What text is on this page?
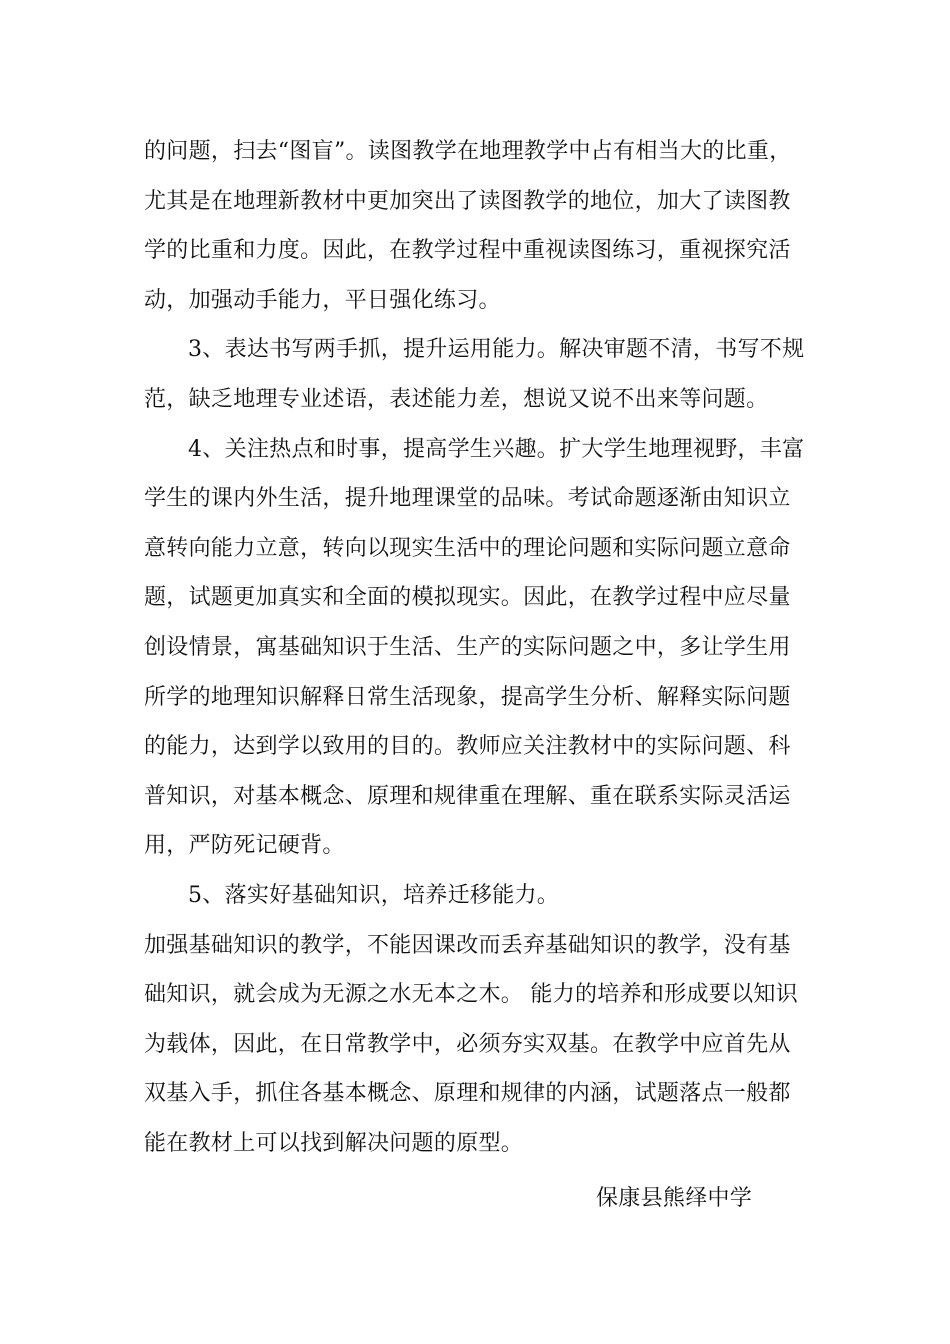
的问题，扫去“图盲”。读图教学在地理教学中占有相当大的比重，
尤其是在地理新教材中更加突出了读图教学的地位，加大了读图教
学的比重和力度。因此，在教学过程中重视读图练习，重视探究活
动，加强动手能力，平日强化练习。
3、表达书写两手抓，提升运用能力。解决审题不清，书写不规
范，缺乏地理专业述语，表述能力差，想说又说不出来等问题。
4、关注热点和时事，提高学生兴趣。扩大学生地理视野，丰富
学生的课内外生活，提升地理课堂的品味。考试命题逐渐由知识立
意转向能力立意，转向以现实生活中的理论问题和实际问题立意命
题，试题更加真实和全面的模拟现实。因此，在教学过程中应尽量
创设情景，寓基础知识于生活、生产的实际问题之中，多让学生用
所学的地理知识解释日常生活现象，提高学生分析、解释实际问题
的能力，达到学以致用的目的。教师应关注教材中的实际问题、科
普知识，对基本概念、原理和规律重在理解、重在联系实际灵活运
用，严防死记硬背。
5、落实好基础知识，培养迁移能力。
加强基础知识的教学，不能因课改而丢弃基础知识的教学，没有基
础知识，就会成为无源之水无本之木。 能力的培养和形成要以知识
为载体，因此，在日常教学中，必须夯实双基。在教学中应首先从
双基入手，抓住各基本概念、原理和规律的内涵，试题落点一般都
能在教材上可以找到解决问题的原型。
保康县熊绎中学
